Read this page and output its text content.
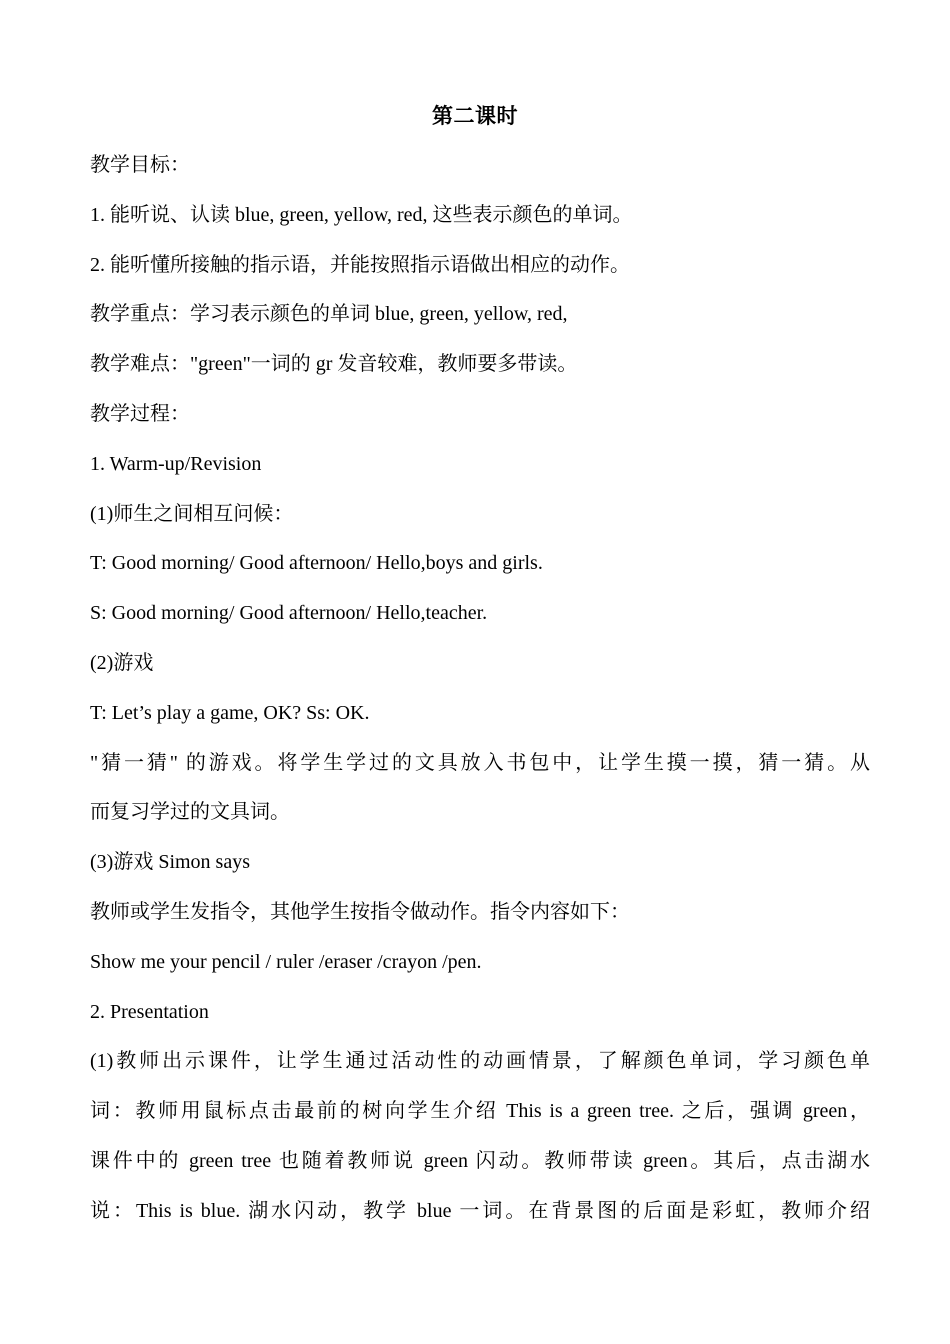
第二课时
教学目标：
1. 能听说、认读 blue, green, yellow, red, 这些表示颜色的单词。
2. 能听懂所接触的指示语，并能按照指示语做出相应的动作。
教学重点：学习表示颜色的单词 blue, green, yellow, red,
教学难点："green"一词的 gr 发音较难，教师要多带读。
教学过程：
1. Warm-up/Revision
(1)师生之间相互问候：
T: Good morning/ Good afternoon/ Hello,boys and girls.
S: Good morning/ Good afternoon/ Hello,teacher.
(2)游戏
T: Let’s play a game, OK? Ss: OK.
"猜一猜" 的游戏。将学生学过的文具放入书包中，让学生摸一摸，猜一猜。从
而复习学过的文具词。
(3)游戏 Simon says
教师或学生发指令，其他学生按指令做动作。指令内容如下：
Show me your pencil / ruler /eraser /crayon /pen.
2. Presentation
(1)教师出示课件，让学生通过活动性的动画情景，了解颜色单词，学习颜色单
词：教师用鼠标点击最前的树向学生介绍 This is a green tree. 之后，强调 green，
课件中的 green tree 也随着教师说 green 闪动。教师带读 green。其后，点击湖水
说：This is blue. 湖水闪动，教学 blue 一词。在背景图的后面是彩虹，教师介绍
